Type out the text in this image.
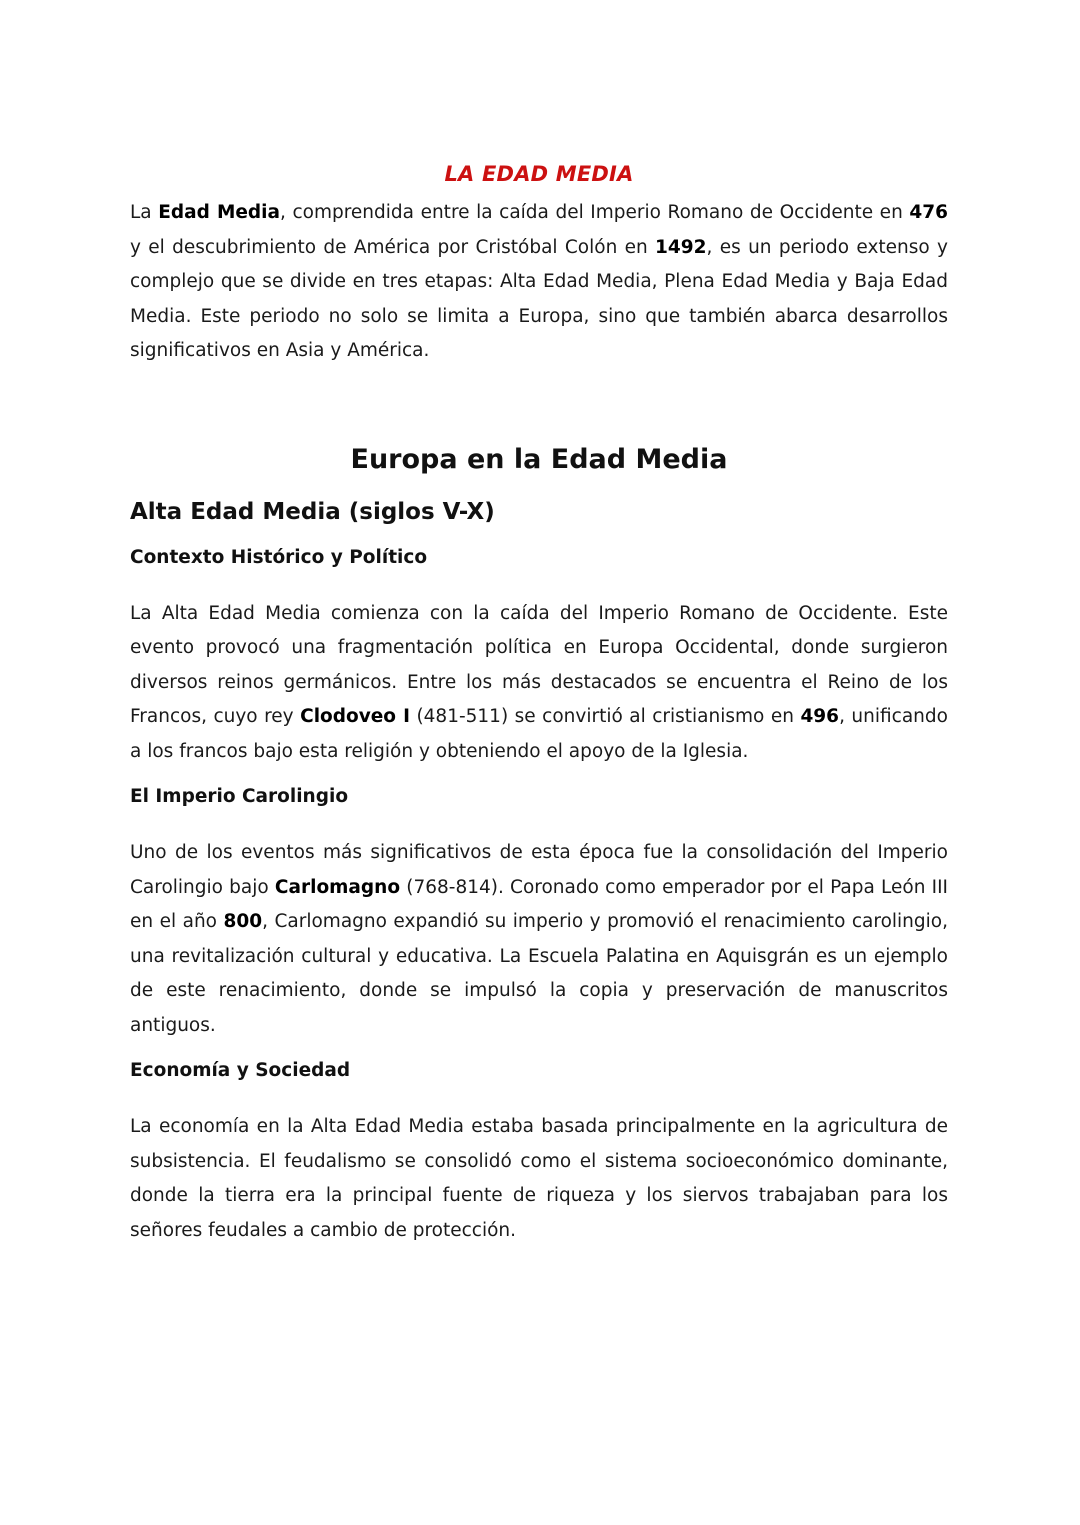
LA EDAD MEDIA

La Edad Media, comprendida entre la caída del Imperio Romano de Occidente en 476 y el descubrimiento de América por Cristóbal Colón en 1492, es un periodo extenso y complejo que se divide en tres etapas: Alta Edad Media, Plena Edad Media y Baja Edad Media. Este periodo no solo se limita a Europa, sino que también abarca desarrollos significativos en Asia y América.

Europa en la Edad Media
Alta Edad Media (siglos V-X)
Contexto Histórico y Político

La Alta Edad Media comienza con la caída del Imperio Romano de Occidente. Este evento provocó una fragmentación política en Europa Occidental, donde surgieron diversos reinos germánicos. Entre los más destacados se encuentra el Reino de los Francos, cuyo rey Clodoveo I (481-511) se convirtió al cristianismo en 496, unificando a los francos bajo esta religión y obteniendo el apoyo de la Iglesia.

El Imperio Carolingio

Uno de los eventos más significativos de esta época fue la consolidación del Imperio Carolingio bajo Carlomagno (768-814). Coronado como emperador por el Papa León III en el año 800, Carlomagno expandió su imperio y promovió el renacimiento carolingio, una revitalización cultural y educativa. La Escuela Palatina en Aquisgrán es un ejemplo de este renacimiento, donde se impulsó la copia y preservación de manuscritos antiguos.

Economía y Sociedad

La economía en la Alta Edad Media estaba basada principalmente en la agricultura de subsistencia. El feudalismo se consolidó como el sistema socioeconómico dominante, donde la tierra era la principal fuente de riqueza y los siervos trabajaban para los señores feudales a cambio de protección.
